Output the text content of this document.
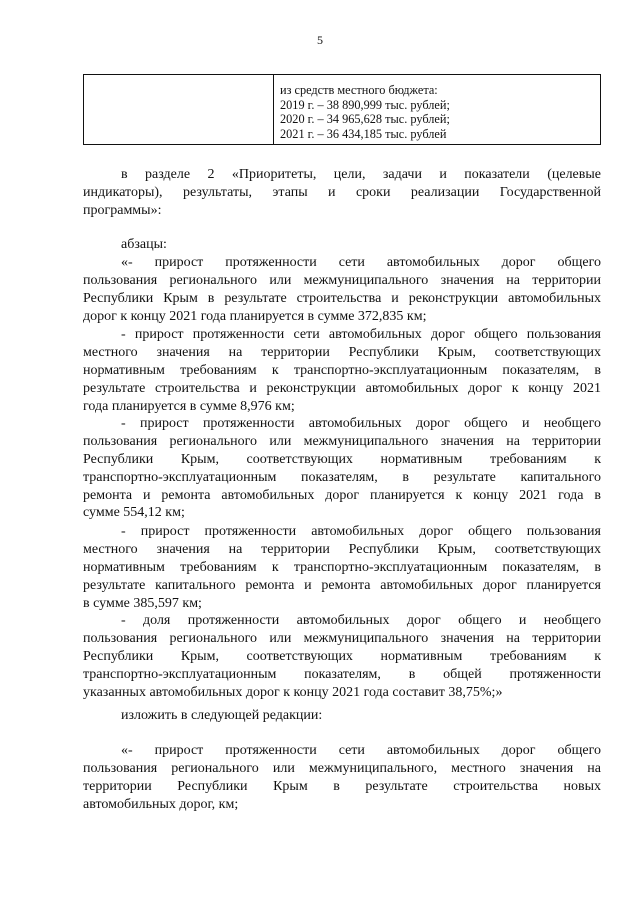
5

из средств местного бюджета:
2019 г. – 38 890,999 тыс. рублей;
2020 г. – 34 965,628 тыс. рублей;
2021 г. – 36 434,185 тыс. рублей
в разделе 2 «Приоритеты, цели, задачи и показатели (целевые
индикаторы), результаты, этапы и сроки реализации Государственной
программы»:
абзацы:
«- прирост протяженности сети автомобильных дорог общего
пользования регионального или межмуниципального значения на территории
Республики Крым в результате строительства и реконструкции автомобильных
дорог к концу 2021 года планируется в сумме 372,835 км;
- прирост протяженности сети автомобильных дорог общего пользования
местного значения на территории Республики Крым, соответствующих
нормативным требованиям к транспортно-эксплуатационным показателям, в
результате строительства и реконструкции автомобильных дорог к концу 2021
года планируется в сумме 8,976 км;
- прирост протяженности автомобильных дорог общего и необщего
пользования регионального или межмуниципального значения на территории
Республики Крым, соответствующих нормативным требованиям к
транспортно-эксплуатационным показателям, в результате капитального
ремонта и ремонта автомобильных дорог планируется к концу 2021 года в
сумме 554,12 км;
- прирост протяженности автомобильных дорог общего пользования
местного значения на территории Республики Крым, соответствующих
нормативным требованиям к транспортно-эксплуатационным показателям, в
результате капитального ремонта и ремонта автомобильных дорог планируется
в сумме 385,597 км;
- доля протяженности автомобильных дорог общего и необщего
пользования регионального или межмуниципального значения на территории
Республики Крым, соответствующих нормативным требованиям к
транспортно-эксплуатационным показателям, в общей протяженности
указанных автомобильных дорог к концу 2021 года составит 38,75%;»
изложить в следующей редакции:
«- прирост протяженности сети автомобильных дорог общего
пользования регионального или межмуниципального, местного значения на
территории Республики Крым в результате строительства новых
автомобильных дорог, км;
